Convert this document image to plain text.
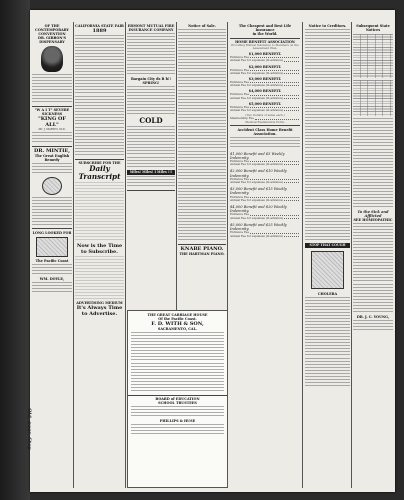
OF THE CONTEMPORARY CONVENTION
DR. GIBBON'S DISPENSARY
"W A I T" SEVERE SICKNESS
"KING OF ALL"
Mr. J. MARTIN, M.D.
DR. MINTIE,
The Great English Remedy
LONG LOOKED FOR
The Pacific Coast
WM. DOYLE,
Old, poor, Stop
CALIFORNIA STATE FAIR
1889
SUBSCRIBE FOR THE
Daily Transcript
Now is the Time
to Subscribe.
ADVERTISING MEDIUM
It's Always Time
to Advertise.
ERMONT MUTUAL FIRE INSURANCE COMPANY
Bargain City ds B b!!
SPRING!
COLD
Miles! Miles! I Miles !!!
Notice of Sale.
KNABE PIANO.
THE HARTMAN PIANO.
THE GREAT CARRIAGE HOUSE
Of the Pacific Coast.
F. D. WITH & SON,
SACRAMENTO, CAL.
BOARD of EDUCATION
SCHOOL TRUSTEES
PHILLIPS & HUSE
The Cheapest and Best Life Insurance
in the World.
HOME BENEFIT ASSOCIATION
Providing Mutual Insurance to Members on the
Assessment Plan.
$1,000 BENEFIT.
Entrance Fee
Annual Fee for expenses (in advance)
$2,000 BENEFIT.
Entrance Fee
Annual Fee for expenses (in advance)
$3,000 BENEFIT.
Entrance Fee
Annual Fee for expenses (in advance)
$4,000 BENEFIT.
Entrance Fee
Annual Fee for expenses (in advance)
$5,000 BENEFIT.
Entrance Fee
Annual Fee for expenses (in advance)
(Two Dollars of same each.)
Membership Fee
Medical Examination Extra.
Accident Class Home Benefit Association.
$1,000 Benefit and $5 Weekly Indemnity.
Entrance Fee
Annual Fee for expenses (in advance)
$2,000 Benefit and $10 Weekly Indemnity.
Entrance Fee
Annual Fee for expenses (in advance)
$3,000 Benefit and $15 Weekly Indemnity.
Entrance Fee
Annual Fee for expenses (in advance)
$4,000 Benefit and $20 Weekly Indemnity.
Entrance Fee
Annual Fee for expenses (in advance)
$5,000 Benefit and $25 Weekly Indemnity.
Entrance Fee
Annual Fee for expenses (in advance)
Notice to Creditors.
STOP THAT COUGH
CHOLERA
Subsequent State Notices
To the Sick and Afflicted
SEE HOMEOPATHIC
DR. J. C. YOUNG,
